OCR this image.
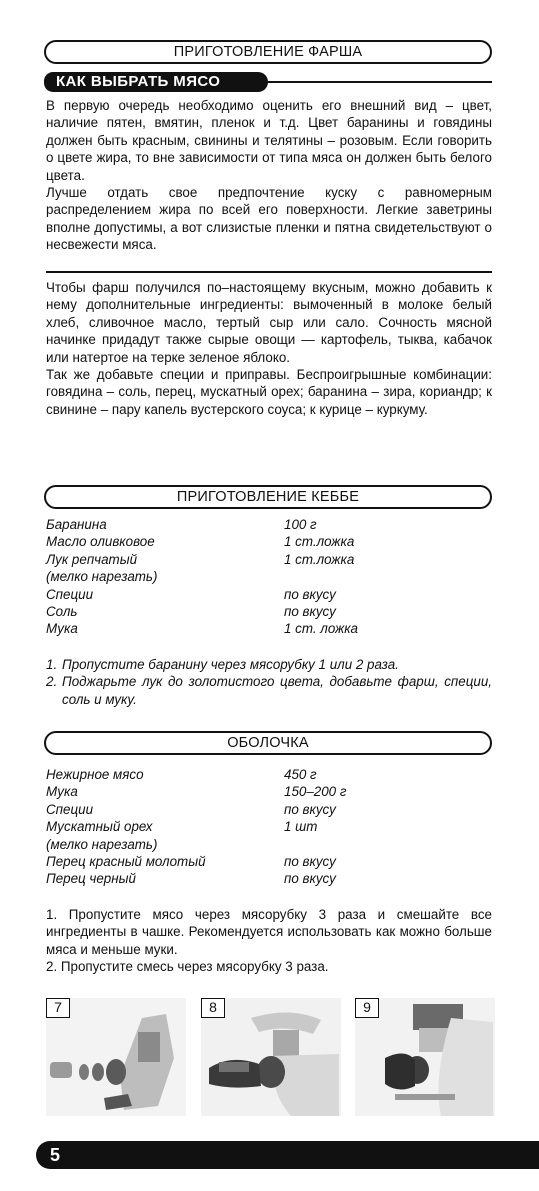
ПРИГОТОВЛЕНИЕ ФАРША
КАК ВЫБРАТЬ МЯСО

В первую очередь необходимо оценить его внешний вид – цвет, наличие пятен, вмятин, пленок и т.д. Цвет баранины и говядины должен быть красным, свинины и телятины – розовым. Если говорить о цвете жира, то вне зависимости от типа мяса он должен быть белого цвета.

Лучше отдать свое предпочтение куску с равномерным распределением жира по всей его поверхности. Легкие заветрины вполне допустимы, а вот слизистые пленки и пятна свидетельствуют о несвежести мяса.

Чтобы фарш получился по–настоящему вкусным, можно добавить к нему дополнительные ингредиенты: вымоченный в молоке белый хлеб, сливочное масло, тертый сыр или сало. Сочность мясной начинке придадут также сырые овощи — картофель, тыква, кабачок или натертое на терке зеленое яблоко.

Так же добавьте специи и приправы. Беспроигрышные комбинации: говядина – соль, перец, мускатный орех; баранина – зира, кориандр; к свинине – пару капель вустерского соуса; к курице – куркуму.

ПРИГОТОВЛЕНИЕ КЕББЕ
Баранина	100 г
Масло оливковое	1 ст.ложка
Лук репчатый	1 ст.ложка
(мелко нарезать)
Специи	по вкусу
Соль	по вкусу
Мука	1 ст. ложка
1. Пропустите баранину через мясорубку 1 или 2 раза.
2. Поджарьте лук до золотистого цвета, добавьте фарш, специи, соль и муку.
ОБОЛОЧКА
Нежирное мясо	450 г
Мука	150–200 г
Специи	по вкусу
Мускатный орех	1 шт
(мелко нарезать)
Перец красный молотый	по вкусу
Перец черный	по вкусу

1. Пропустите мясо через мясорубку 3 раза и смешайте все ингредиенты в чашке. Рекомендуется использовать как можно больше мяса и меньше муки.

2. Пропустите смесь через мясорубку 3 раза.

7	8	9
5
